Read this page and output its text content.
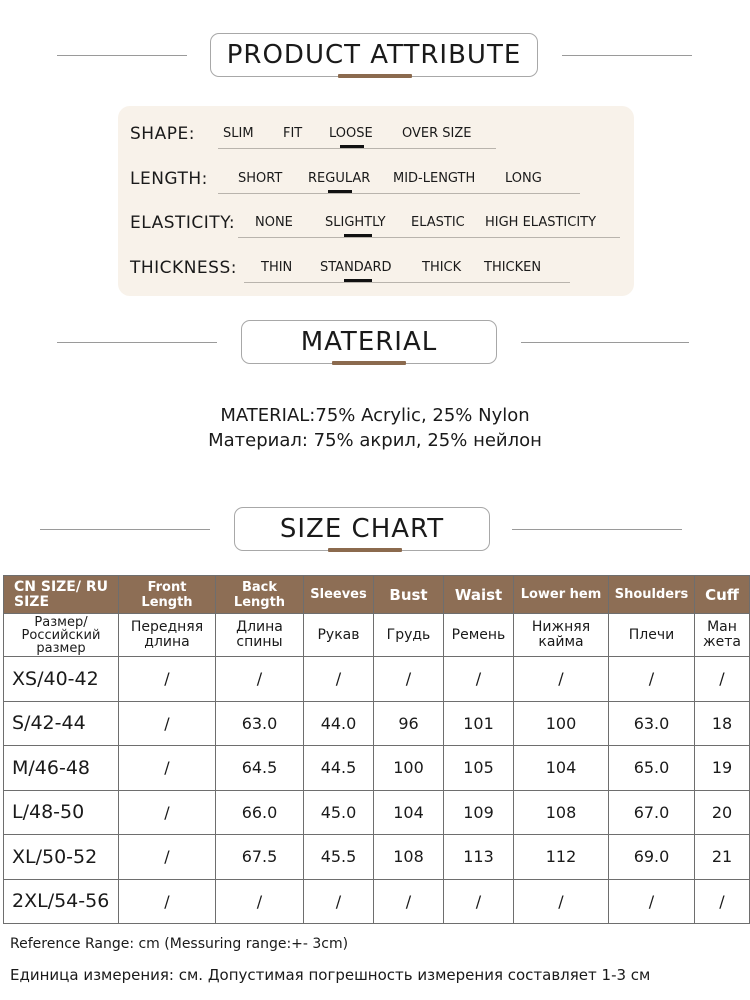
PRODUCT ATTRIBUTE
SHAPE: SLIM FIT LOOSE OVER SIZE
LENGTH: SHORT REGULAR MID-LENGTH LONG
ELASTICITY: NONE SLIGHTLY ELASTIC HIGH ELASTICITY
THICKNESS: THIN STANDARD THICK THICKEN
MATERIAL
MATERIAL:75% Acrylic, 25% Nylon
Материал: 75% акрил, 25% нейлон
SIZE CHART
CN SIZE/ RU SIZE	Front Length	Back Length	Sleeves	Bust	Waist	Lower hem	Shoulders	Cuff
Размер/ Российский размер	Передняя длина	Длина спины	Рукав	Грудь	Ремень	Нижняя кайма	Плечи	Ман жета
XS/40-42	/	/	/	/	/	/	/	/
S/42-44	/	63.0	44.0	96	101	100	63.0	18
M/46-48	/	64.5	44.5	100	105	104	65.0	19
L/48-50	/	66.0	45.0	104	109	108	67.0	20
XL/50-52	/	67.5	45.5	108	113	112	69.0	21
2XL/54-56	/	/	/	/	/	/	/	/
Reference Range: cm (Messuring range:+- 3cm)
Единица измерения: см. Допустимая погрешность измерения составляет 1-3 см
